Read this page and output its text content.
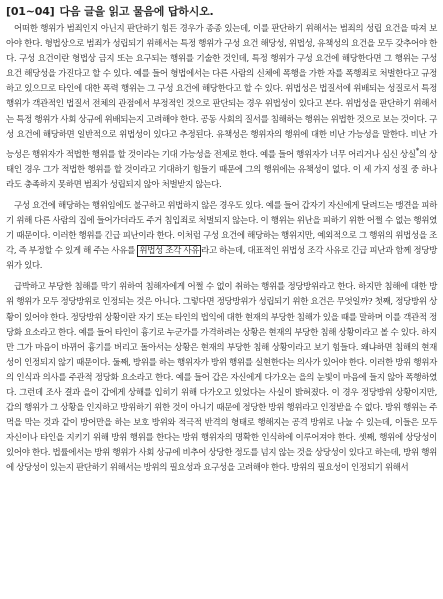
[01~04] 다음 글을 읽고 물음에 답하시오.

어떠한 행위가 범죄인지 아닌지 판단하기 힘든 경우가 종종 있는데, 이를 판단하기 위해서는 범죄의 성립 요건을 따져 보아야 한다. 형법상으로 범죄가 성립되기 위해서는 특정 행위가 구성 요건 해당성, 위법성, 유책성의 요건을 모두 갖추어야 한다. 구성 요건이란 형법상 금지 또는 요구되는 행위를 기술한 것인데, 특정 행위가 구성 요건에 해당한다면 그 행위는 구성 요건 해당성을 가진다고 할 수 있다. 예를 들어 형법에서는 다른 사람의 신체에 폭행을 가한 자를 폭행죄로 처벌한다고 규정하고 있으므로 타인에 대한 폭력 행위는 그 구성 요건에 해당한다고 할 수 있다. 위법성은 법질서에 위배되는 성질로서 특정 행위가 객관적인 법질서 전체의 관점에서 부정적인 것으로 판단되는 경우 위법성이 있다고 본다. 위법성을 판단하기 위해서는 특정 행위가 사회 상규에 위배되는지 고려해야 한다. 공동 사회의 질서를 침해하는 행위는 위법한 것으로 보는 것이다. 구성 요건에 해당하면 일반적으로 위법성이 있다고 추정된다. 유책성은 행위자의 행위에 대한 비난 가능성을 말한다. 비난 가능성은 행위자가 적법한 행위를 할 것이라는 기대 가능성을 전제로 한다. 예를 들어 행위자가 너무 어리거나 심신 상실*의 상태인 경우 그가 적법한 행위를 할 것이라고 기대하기 힘들기 때문에 그의 행위에는 유책성이 없다. 이 세 가지 성질 중 하나라도 충족하지 못하면 범죄가 성립되지 않아 처벌받지 않는다.

구성 요건에 해당하는 행위임에도 불구하고 위법하지 않은 경우도 있다. 예를 들어 갑자기 자신에게 달려드는 맹견을 피하기 위해 다른 사람의 집에 들어가더라도 주거 침입죄로 처벌되지 않는다. 이 행위는 위난을 피하기 위한 어쩔 수 없는 행위였기 때문이다. 이러한 행위를 긴급 피난이라 한다. 이처럼 구성 요건에 해당하는 행위지만, 예외적으로 그 행위의 위법성을 조각, 즉 부정할 수 있게 해 주는 사유를 위법성 조각 사유 라고 하는데, 대표적인 위법성 조각 사유로 긴급 피난과 함께 정당방위가 있다.

급박하고 부당한 침해를 막기 위하여 침해자에게 어쩔 수 없이 취하는 행위를 정당방위라고 한다. 하지만 침해에 대한 방위 행위가 모두 정당방위로 인정되는 것은 아니다. 그렇다면 정당방위가 성립되기 위한 요건은 무엇일까? 첫째, 정당방위 상황이 있어야 한다. 정당방위 상황이란 자기 또는 타인의 법익에 대한 현재의 부당한 침해가 있을 때를 말하며 이를 객관적 정당화 요소라고 한다. 예를 들어 타인이 흉기로 누군가를 가격하려는 상황은 현재의 부당한 침해 상황이라고 볼 수 있다. 하지만 그가 마음이 바뀌어 흉기를 버리고 돌아서는 상황은 현재의 부당한 침해 상황이라고 보기 힘들다. 왜냐하면 침해의 현재성이 인정되지 않기 때문이다. 둘째, 방위를 하는 행위자가 방위 행위를 실현한다는 의사가 있어야 한다. 이러한 방위 행위자의 인식과 의사를 주관적 정당화 요소라고 한다. 예를 들어 갑은 자신에게 다가오는 을의 눈빛이 마음에 들지 않아 폭행하였다. 그런데 조사 결과 을이 갑에게 상해를 입히기 위해 다가오고 있었다는 사실이 밝혀졌다. 이 경우 정당방위 상황이지만, 갑의 행위가 그 상황을 인지하고 방위하기 위한 것이 아니기 때문에 정당한 방위 행위라고 인정받을 수 없다. 방위 행위는 주먹을 막는 것과 같이 방어만을 하는 보호 방위와 적극적 반격의 형태로 행해지는 공격 방위로 나눌 수 있는데, 이들은 모두 자신이나 타인을 지키기 위해 방위 행위를 한다는 방위 행위자의 명확한 인식하에 이루어져야 한다. 셋째, 행위에 상당성이 있어야 한다. 법률에서는 방위 행위가 사회 상규에 비추어 상당한 정도를 넘지 않는 것을 상당성이 있다고 하는데, 방위 행위에 상당성이 있는지 판단하기 위해서는 방위의 필요성과 요구성을 고려해야 한다. 방위의 필요성이 인정되기 위해서
